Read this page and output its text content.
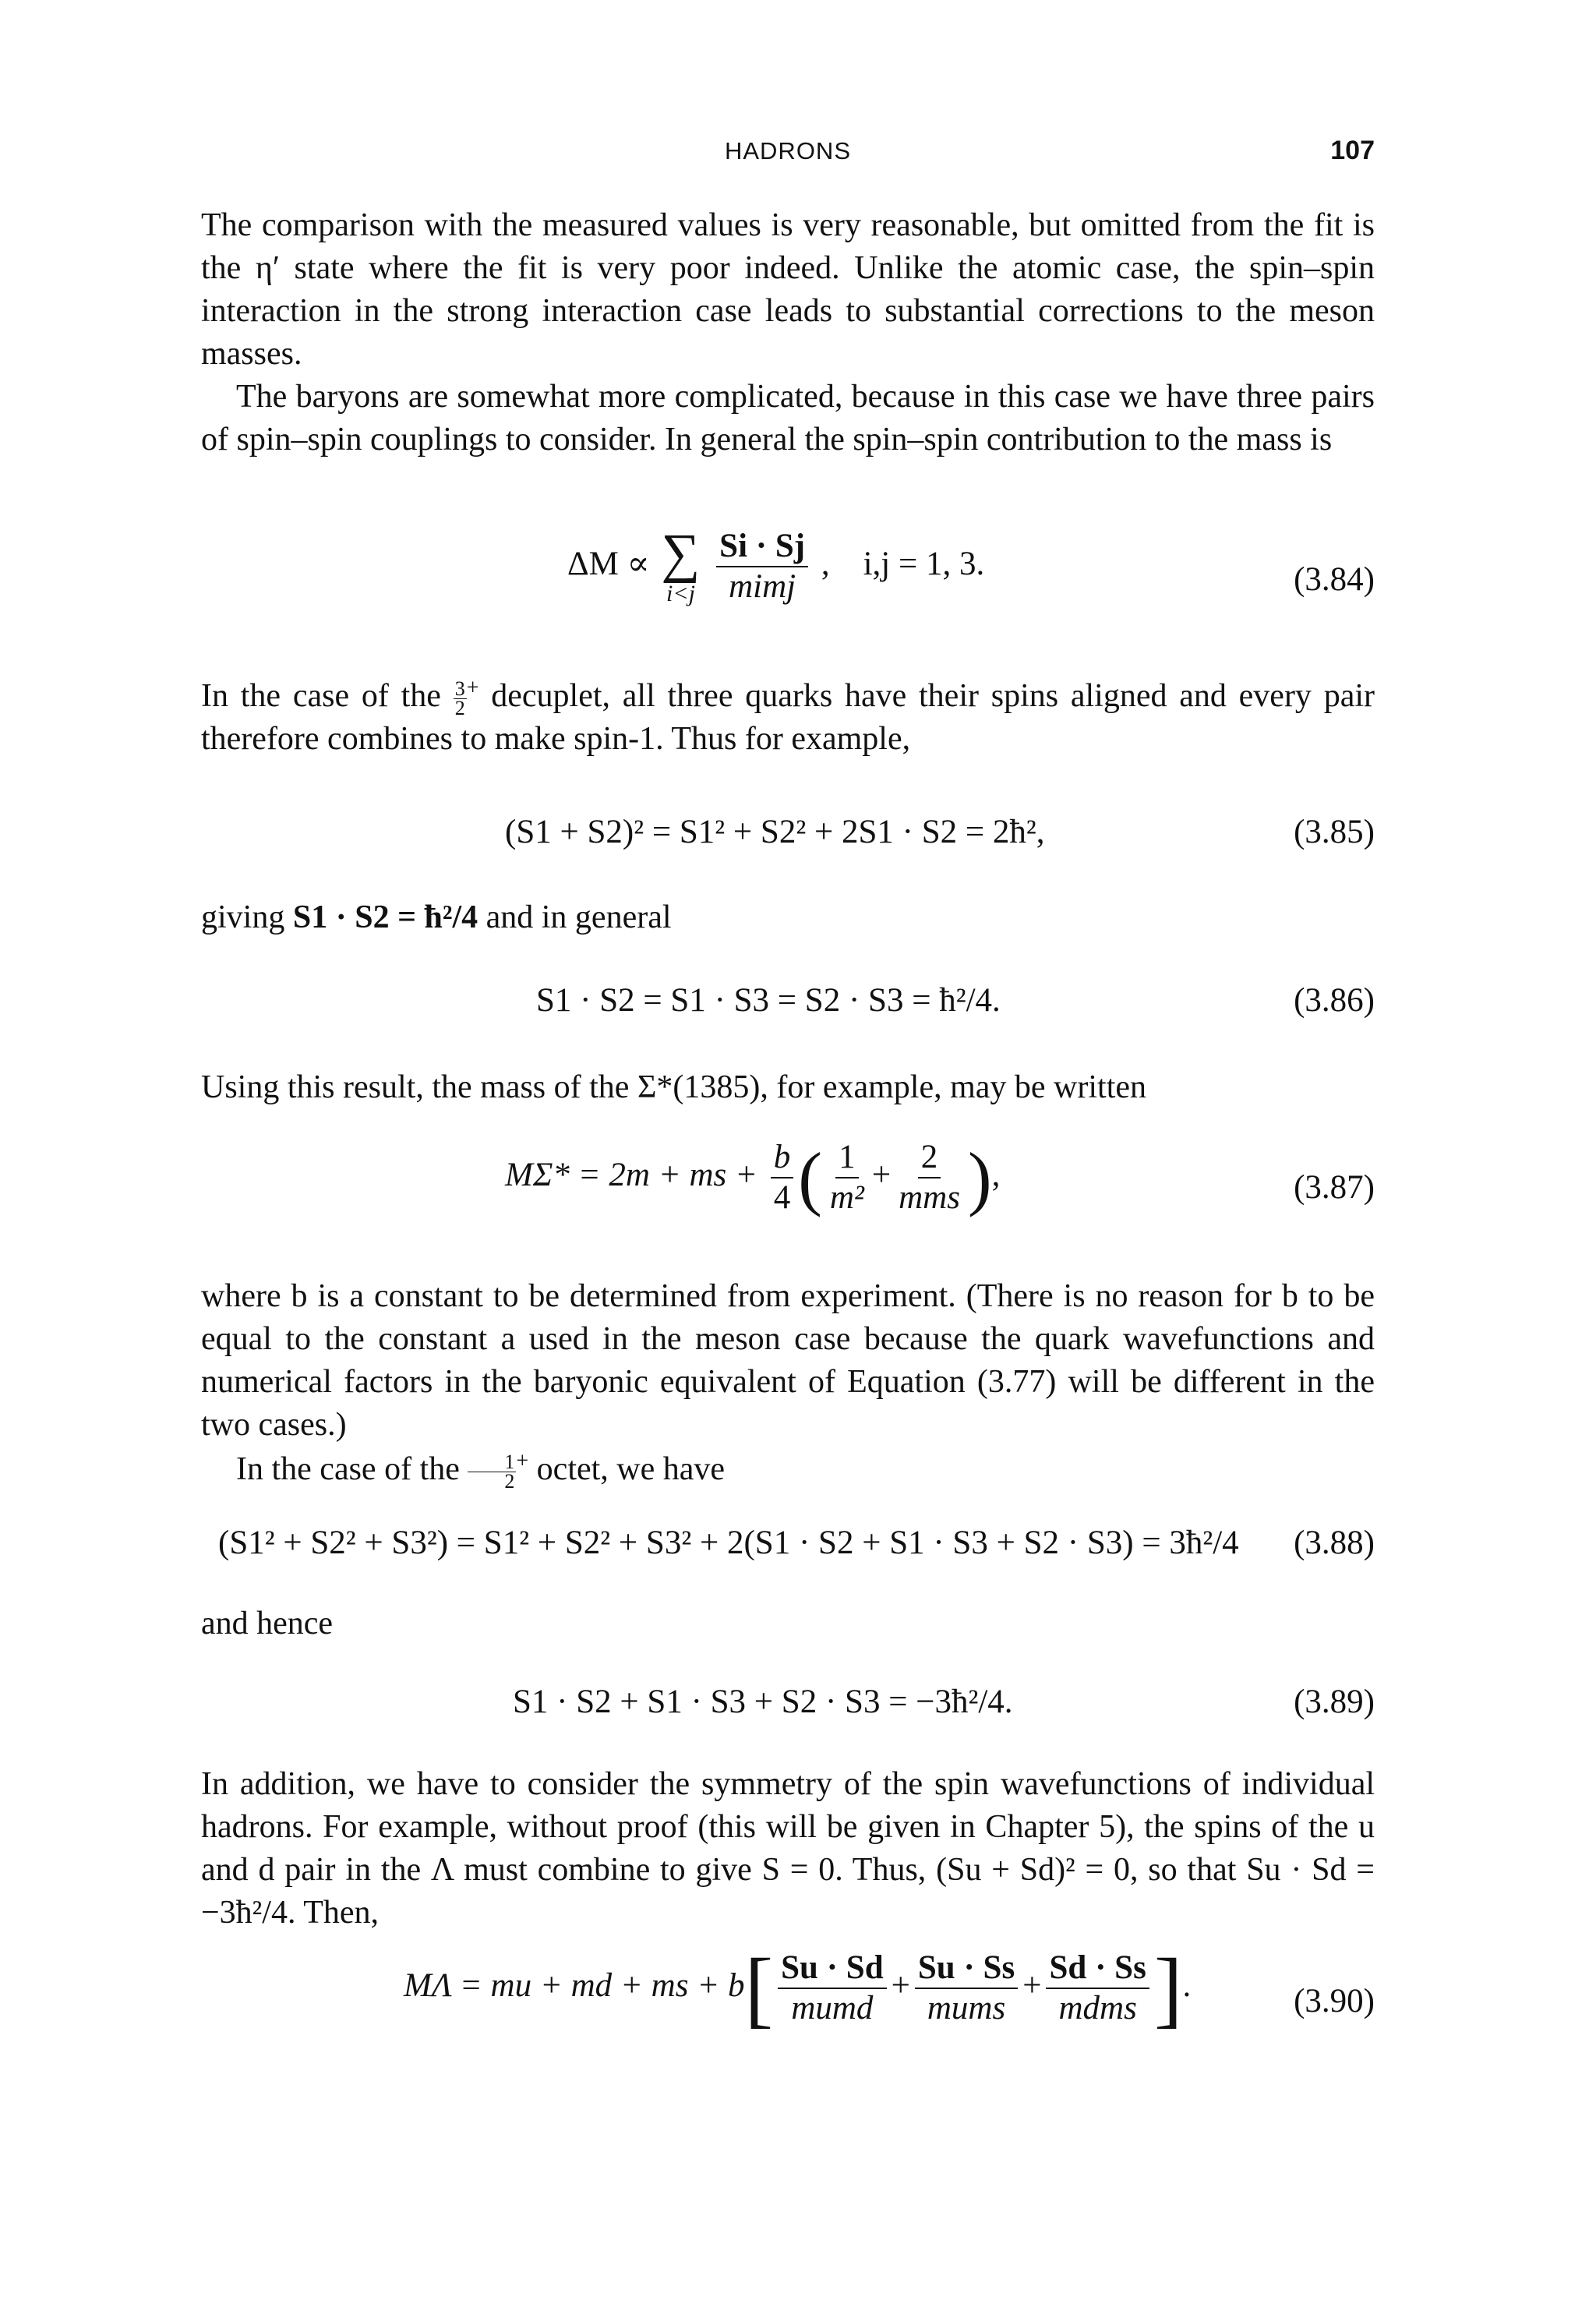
HADRONS	107

The comparison with the measured values is very reasonable, but omitted from the fit is the η′ state where the fit is very poor indeed. Unlike the atomic case, the spin–spin interaction in the strong interaction case leads to substantial corrections to the meson masses.

The baryons are somewhat more complicated, because in this case we have three pairs of spin–spin couplings to consider. In general the spin–spin contribution to the mass is

ΔM ∝ ∑
i<j
$\frac{Si \cdot Sj}{\text{mimj}}$ ,    i,j = 1, 3.	(3.84)

In the case of the $\frac{3}{2} ^+$ decuplet, all three quarks have their spins aligned and every pair therefore combines to make spin-1. Thus for example,

(S1 + S2)² = S1² + S2² + 2S1 · S2 = 2ħ²,	(3.85)

giving S1 · S2 = ħ²/4 and in general

S1 · S2 = S1 · S3 = S2 · S3 = ħ²/4.	(3.86)

Using this result, the mass of the Σ*(1385), for example, may be written

MΣ* = 2m + ms + $\frac{b}{4}$ ( $\frac{1}{\text{m²}} + \frac{2}{\text{mms}}$ ),	(3.87)

where b is a constant to be determined from experiment. (There is no reason for b to be equal to the constant a used in the meson case because the quark wavefunctions and numerical factors in the baryonic equivalent of Equation (3.77) will be different in the two cases.)

In the case of the $\frac{1}{2} ^+$ octet, we have

(S1² + S2² + S3²) = S1² + S2² + S3² + 2(S1 · S2 + S1 · S3 + S2 · S3) = 3ħ²/4 (3.88)

and hence

S1 · S2 + S1 · S3 + S2 · S3 = −3ħ²/4.	(3.89)

In addition, we have to consider the symmetry of the spin wavefunctions of individual hadrons. For example, without proof (this will be given in Chapter 5), the spins of the u and d pair in the Λ must combine to give S = 0. Thus, (Su + Sd)² = 0, so that Su · Sd = −3ħ²/4. Then,

MΛ = mu + md + ms + $b[ \frac{Su \cdot Sd}{\text{mumd}} + \frac{Su \cdot Ss}{\text{mums}} + \frac{Sd \cdot Ss}{\text{mdms}}$ ].	(3.90)
